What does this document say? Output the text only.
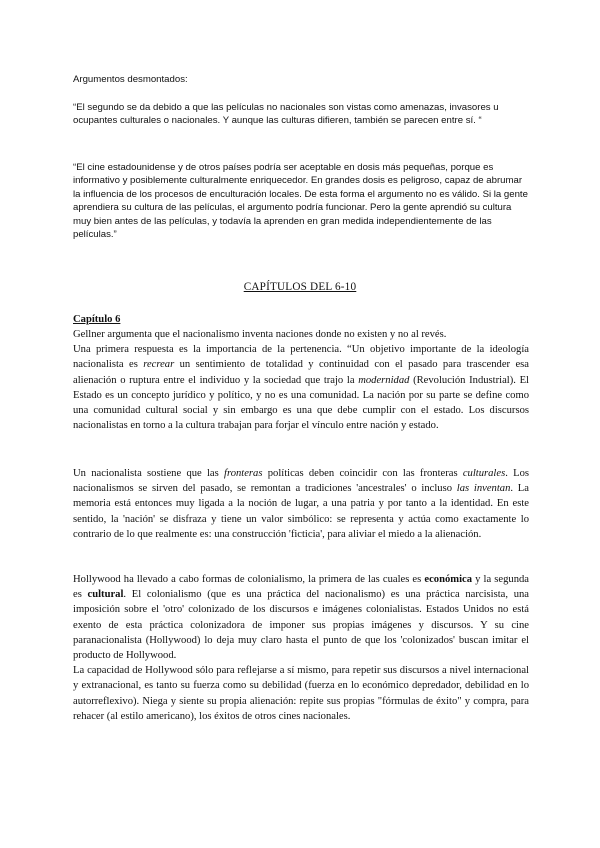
Argumentos desmontados:

“El segundo se da debido a que las películas no nacionales son vistas como amenazas, invasores u ocupantes culturales o nacionales. Y aunque las culturas difieren, también se parecen entre sí. “

“El cine estadounidense y de otros países podría ser aceptable en dosis más pequeñas, porque es informativo y posiblemente culturalmente enriquecedor. En grandes dosis es peligroso, capaz de abrumar la influencia de los procesos de enculturación locales. De esta forma el argumento no es válido. Si la gente aprendiera su cultura de las películas, el argumento podría funcionar. Pero la gente aprendió su cultura muy bien antes de las películas, y todavía la aprenden en gran medida independientemente de las películas.”

CAPÍTULOS DEL 6-10

Capítulo 6

Gellner argumenta que el nacionalismo inventa naciones donde no existen y no al revés.

Una primera respuesta es la importancia de la pertenencia. “Un objetivo importante de la ideología nacionalista es recrear un sentimiento de totalidad y continuidad con el pasado para trascender esa alienación o ruptura entre el individuo y la sociedad que trajo la modernidad (Revolución Industrial). El Estado es un concepto jurídico y político, y no es una comunidad. La nación por su parte se define como una comunidad cultural social y sin embargo es una que debe cumplir con el estado. Los discursos nacionalistas en torno a la cultura trabajan para forjar el vínculo entre nación y estado.

Un nacionalista sostiene que las fronteras políticas deben coincidir con las fronteras culturales. Los nacionalismos se sirven del pasado, se remontan a tradiciones 'ancestrales' o incluso las inventan. La memoria está entonces muy ligada a la noción de lugar, a una patria y por tanto a la identidad. En este sentido, la 'nación' se disfraza y tiene un valor simbólico: se representa y actúa como exactamente lo contrario de lo que realmente es: una construcción 'ficticia', para aliviar el miedo a la alienación.

Hollywood ha llevado a cabo formas de colonialismo, la primera de las cuales es económica y la segunda es cultural. El colonialismo (que es una práctica del nacionalismo) es una práctica narcisista, una imposición sobre el 'otro' colonizado de los discursos e imágenes colonialistas. Estados Unidos no está exento de esta práctica colonizadora de imponer sus propias imágenes y discursos. Y su cine paranacionalista (Hollywood) lo deja muy claro hasta el punto de que los 'colonizados' buscan imitar el producto de Hollywood.

La capacidad de Hollywood sólo para reflejarse a sí mismo, para repetir sus discursos a nivel internacional y extranacional, es tanto su fuerza como su debilidad (fuerza en lo económico depredador, debilidad en lo autorreflexivo). Niega y siente su propia alienación: repite sus propias "fórmulas de éxito" y compra, para rehacer (al estilo americano), los éxitos de otros cines nacionales.
